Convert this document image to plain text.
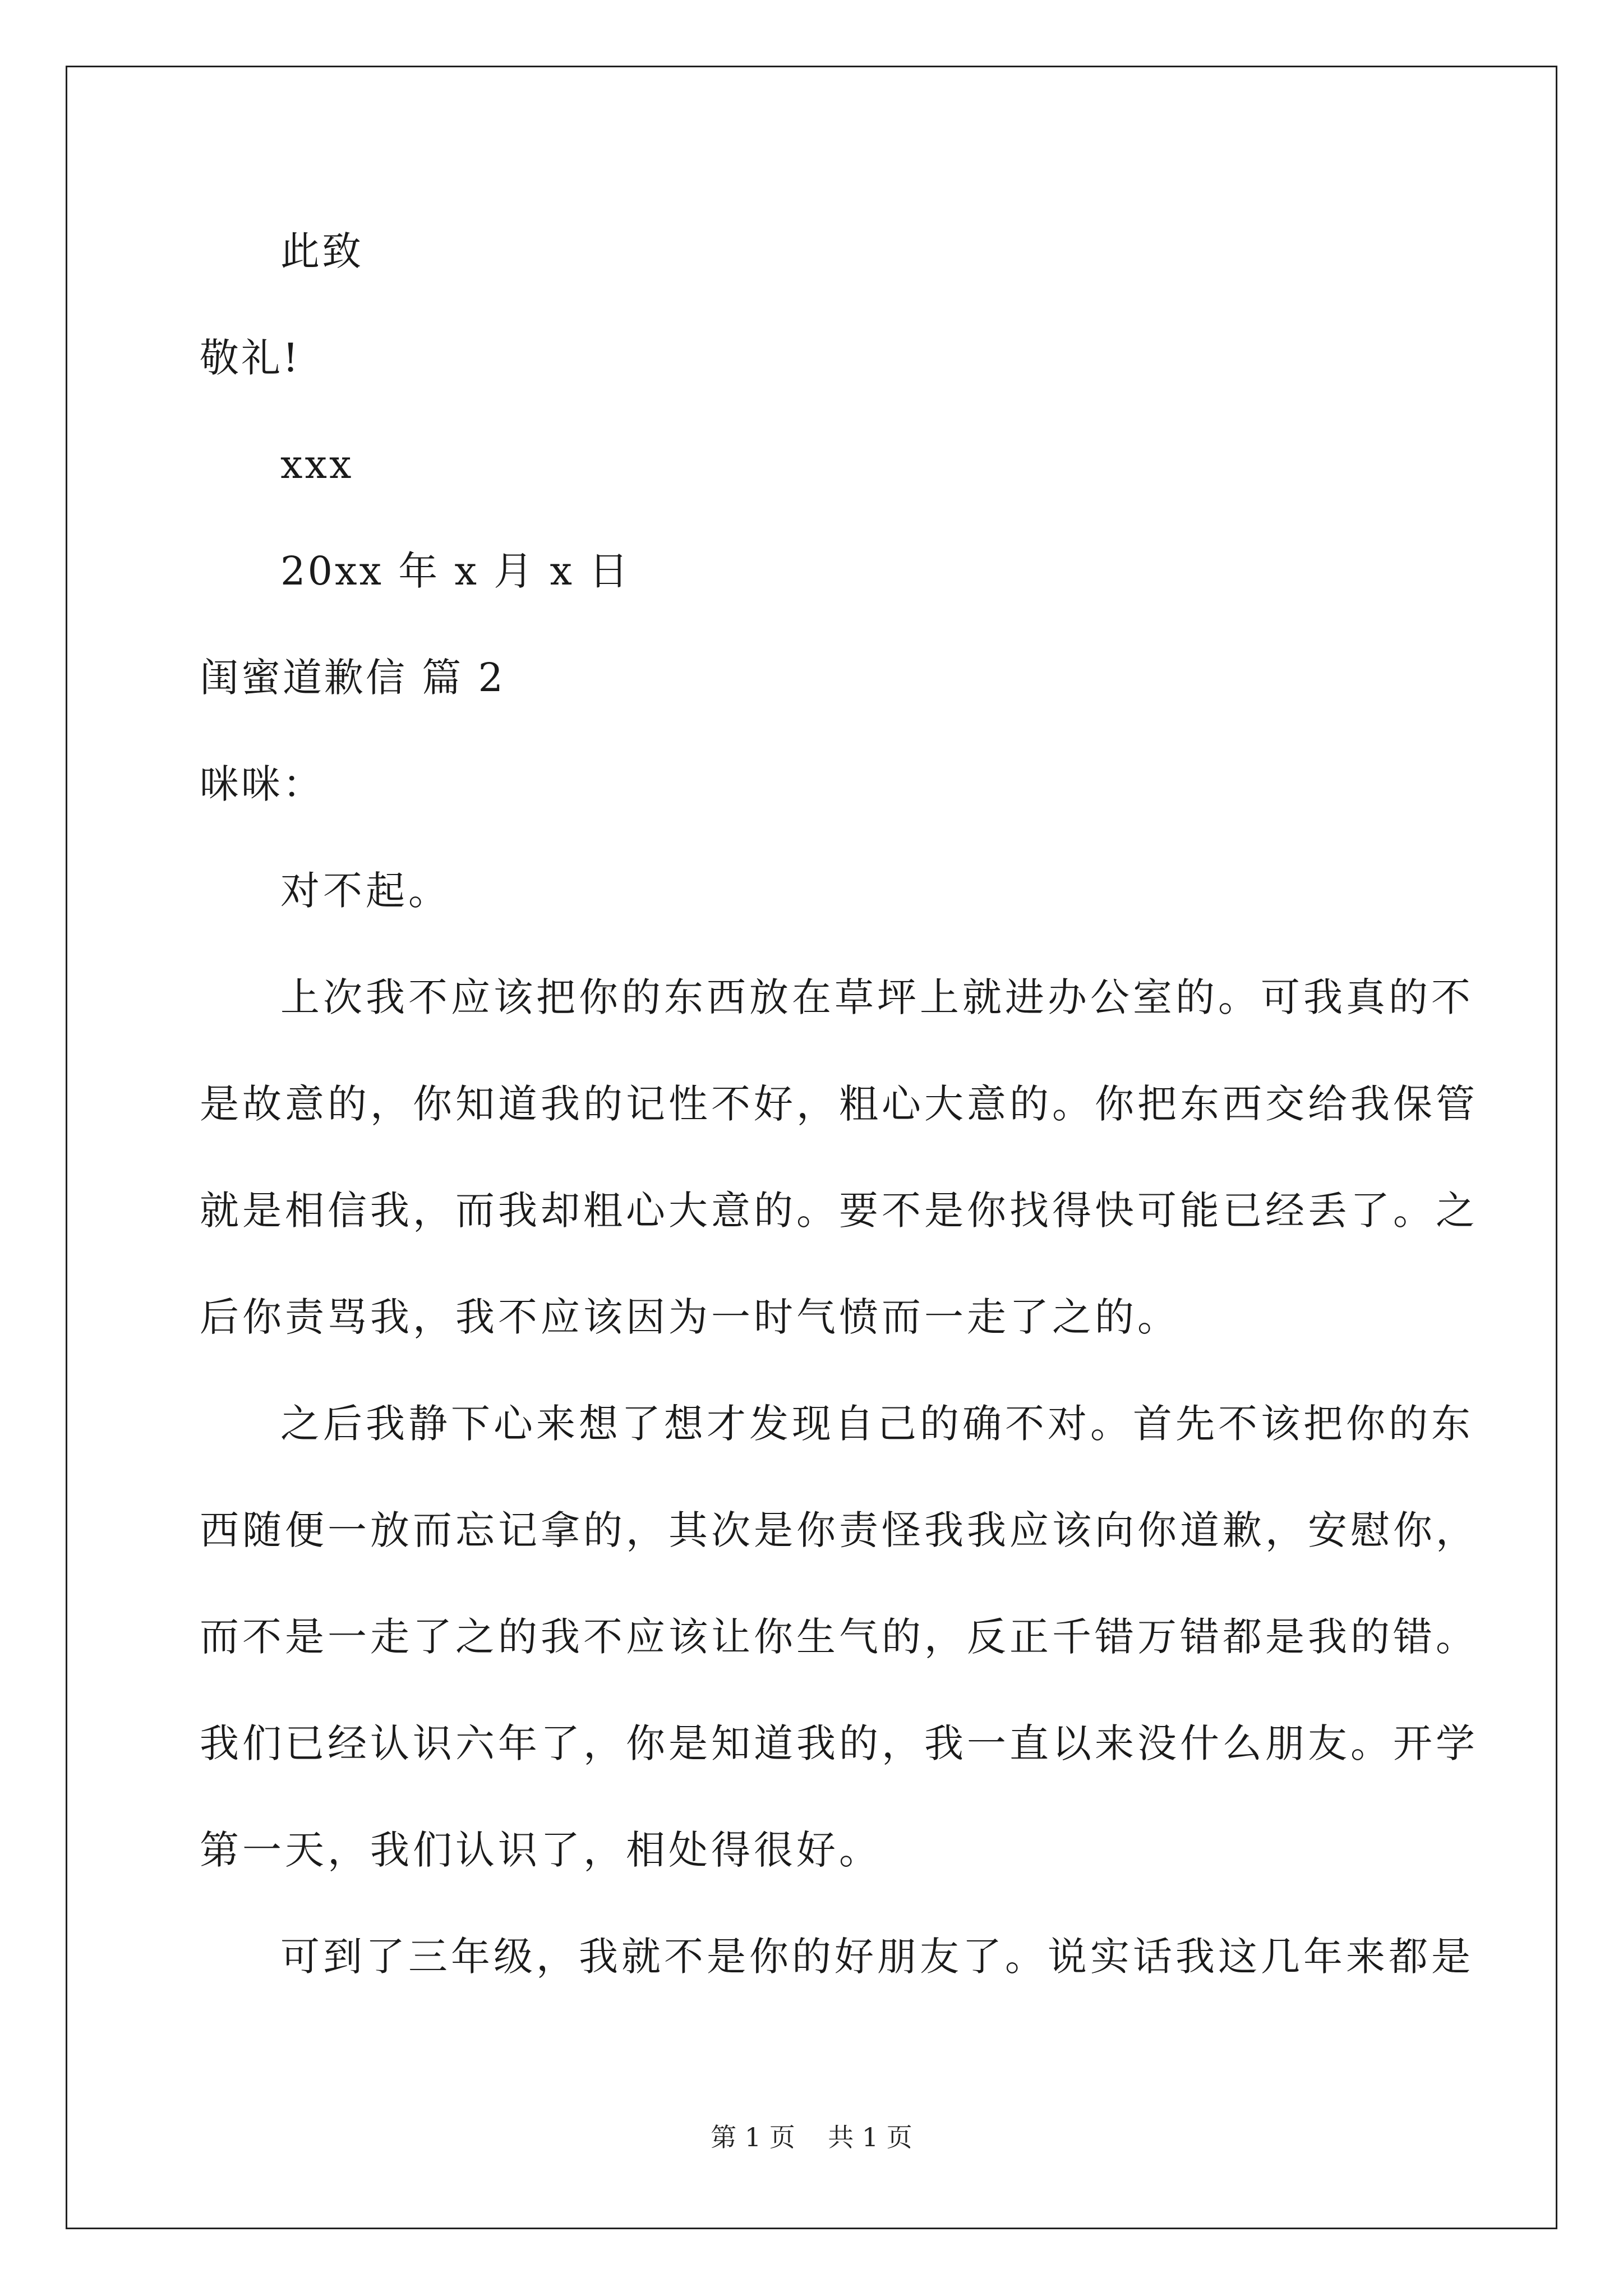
此致
敬礼!
xxx
20xx 年 x 月 x 日
闺蜜道歉信 篇 2
咪咪：
对不起。
上次我不应该把你的东西放在草坪上就进办公室的。可我真的不
是故意的，你知道我的记性不好，粗心大意的。你把东西交给我保管
就是相信我，而我却粗心大意的。要不是你找得快可能已经丢了。之
后你责骂我，我不应该因为一时气愤而一走了之的。
之后我静下心来想了想才发现自己的确不对。首先不该把你的东
西随便一放而忘记拿的，其次是你责怪我我应该向你道歉，安慰你，
而不是一走了之的我不应该让你生气的，反正千错万错都是我的错。
我们已经认识六年了，你是知道我的，我一直以来没什么朋友。开学
第一天，我们认识了，相处得很好。
可到了三年级，我就不是你的好朋友了。说实话我这几年来都是
第 1 页    共 1 页
